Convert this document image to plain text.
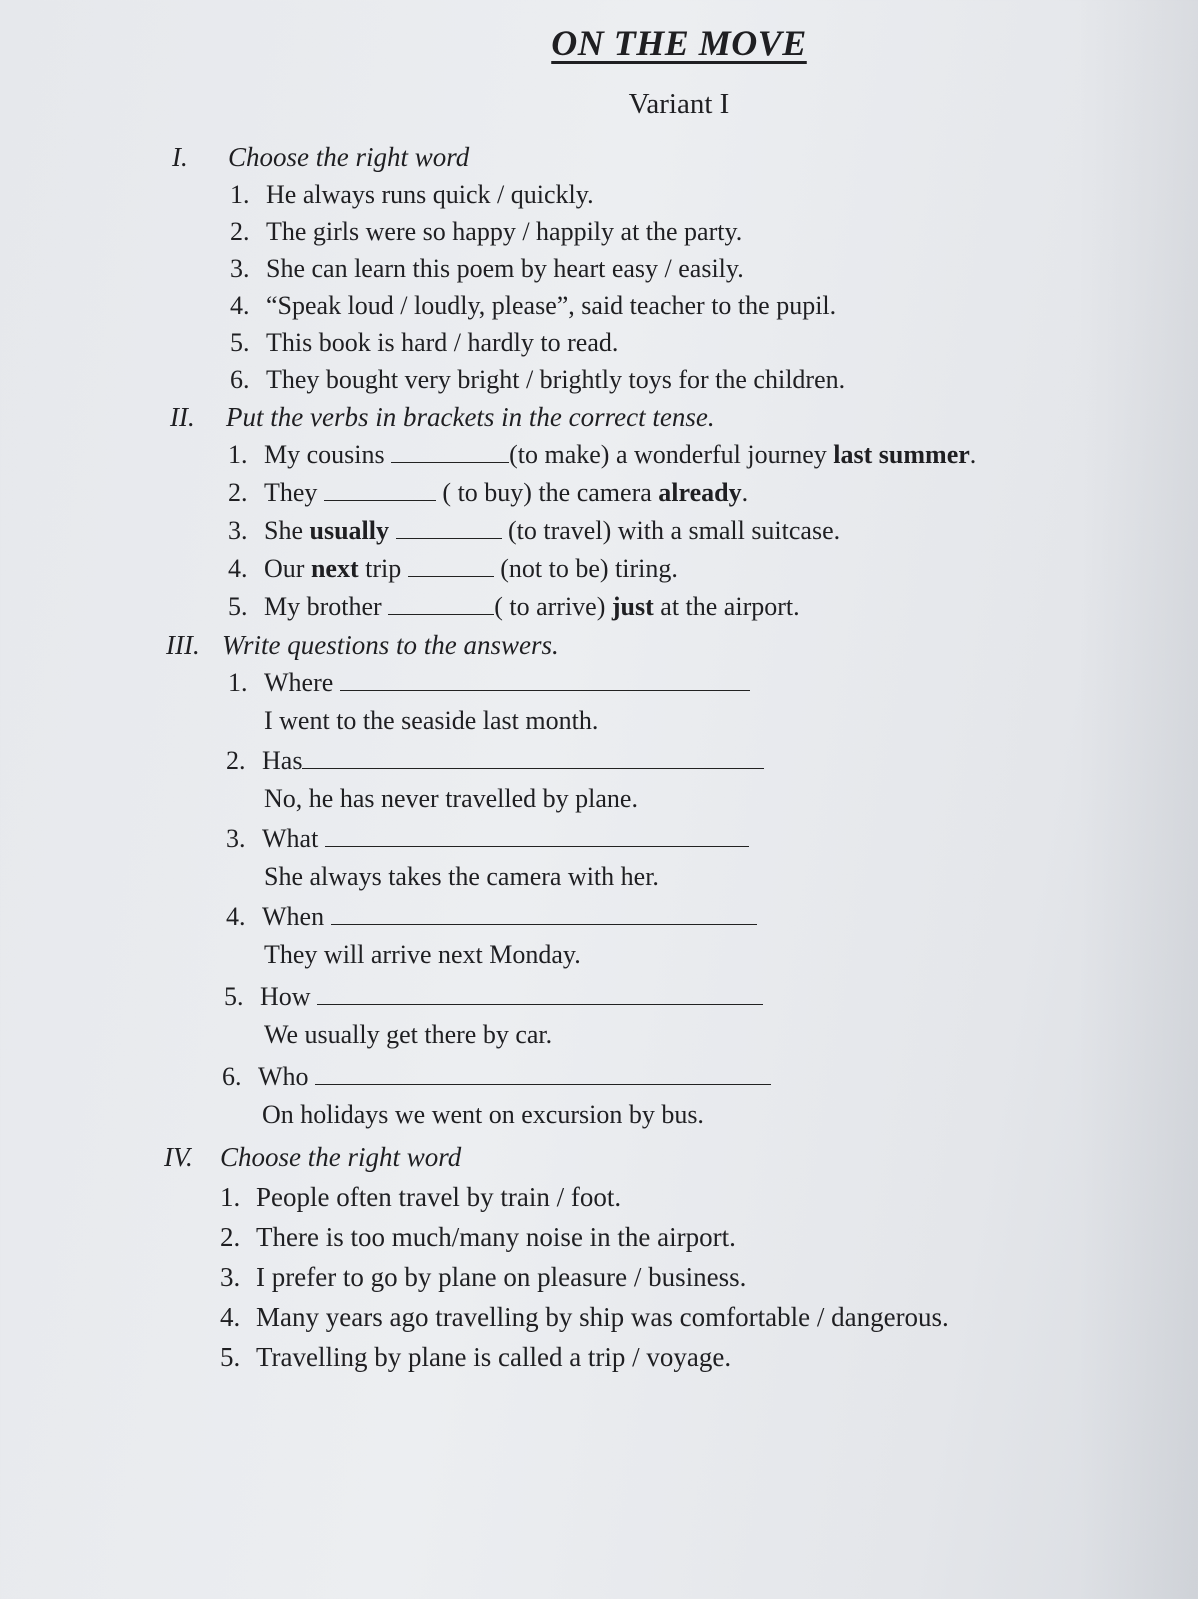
ON THE MOVE
Variant I
I. Choose the right word
1. He always runs quick / quickly.
2. The girls were so happy / happily at the party.
3. She can learn this poem by heart easy / easily.
4. “Speak loud / loudly, please”, said teacher to the pupil.
5. This book is hard / hardly to read.
6. They bought very bright / brightly toys for the children.
II. Put the verbs in brackets in the correct tense.
1. My cousins	(to make) a wonderful journey last summer.
2. They	( to buy) the camera already.
3. She usually	(to travel) with a small suitcase.
4. Our next trip	(not to be) tiring.
5. My brother	( to arrive) just at the airport.
III. Write questions to the answers.
1. Where
I went to the seaside last month.
2. Has
No, he has never travelled by plane.
3. What
She always takes the camera with her.
4. When
They will arrive next Monday.
5. How
We usually get there by car.
6. Who
On holidays we went on excursion by bus.
IV. Choose the right word
1. People often travel by train / foot.
2. There is too much/many noise in the airport.
3. I prefer to go by plane on pleasure / business.
4. Many years ago travelling by ship was comfortable / dangerous.
5. Travelling by plane is called a trip / voyage.
